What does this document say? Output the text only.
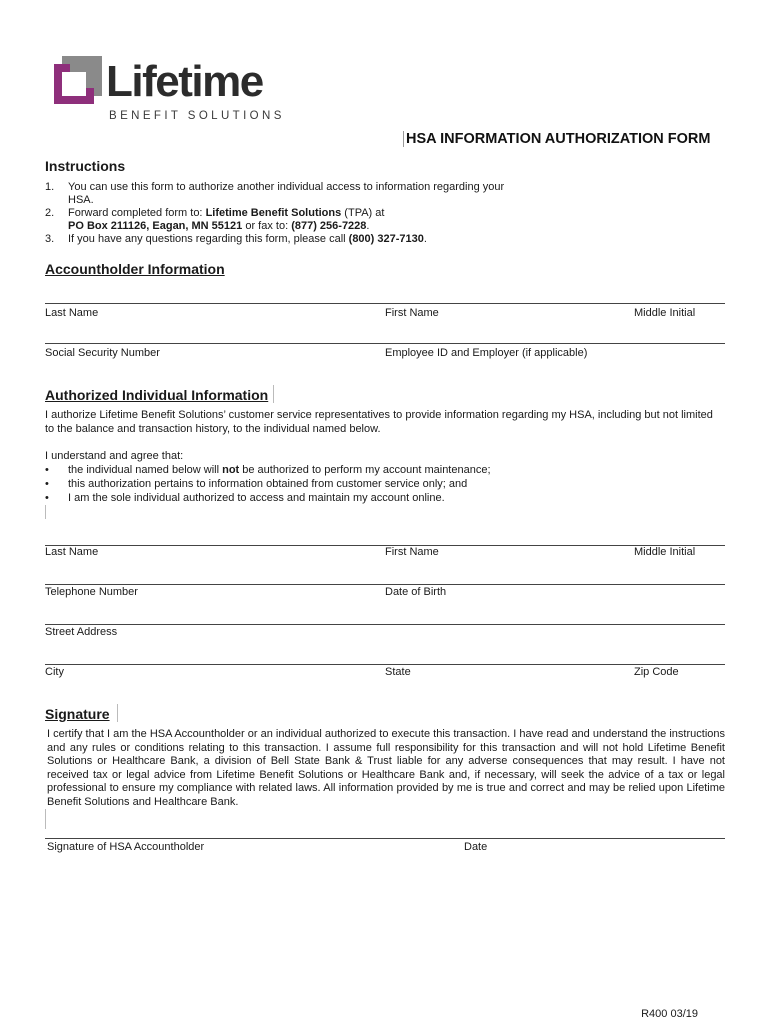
Lifetime
BENEFIT SOLUTIONS
HSA INFORMATION AUTHORIZATION FORM
Instructions
1.	You can use this form to authorize another individual access to information regarding your
HSA.
2.	Forward completed form to: Lifetime Benefit Solutions (TPA) at
PO Box 211126, Eagan, MN 55121 or fax to: (877) 256-7228.
3.	If you have any questions regarding this form, please call (800) 327-7130.
Accountholder Information
Last Name	First Name	Middle Initial
Social Security Number	Employee ID and Employer (if applicable)
Authorized Individual Information
I authorize Lifetime Benefit Solutions’ customer service representatives to provide information regarding my HSA, including but not limited to the balance and transaction history, to the individual named below.
I understand and agree that:
•	the individual named below will not be authorized to perform my account maintenance;
•	this authorization pertains to information obtained from customer service only; and
•	I am the sole individual authorized to access and maintain my account online.
Last Name	First Name	Middle Initial
Telephone Number	Date of Birth
Street Address
City	State	Zip Code
Signature
I certify that I am the HSA Accountholder or an individual authorized to execute this transaction. I have read and understand the instructions and any rules or conditions relating to this transaction. I assume full responsibility for this transaction and will not hold Lifetime Benefit Solutions or Healthcare Bank, a division of Bell State Bank & Trust liable for any adverse consequences that may result. I have not received tax or legal advice from Lifetime Benefit Solutions or Healthcare Bank and, if necessary, will seek the advice of a tax or legal professional to ensure my compliance with related laws. All information provided by me is true and correct and may be relied upon Lifetime Benefit Solutions and Healthcare Bank.
Signature of HSA Accountholder	Date
R400 03/19
